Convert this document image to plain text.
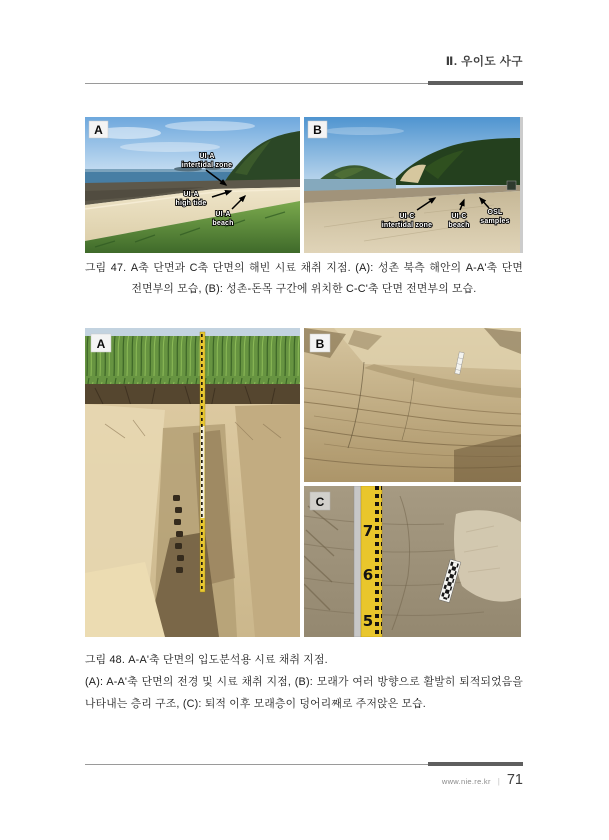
Ⅱ. 우이도 사구
UI-A
intertidal zone
UI-A
high tide
UI-A
beach
A
UI-C
intertidal zone
UI-C
beach
OSL
samples
B
그림 47. A축 단면과 C축 단면의 해빈 시료 채취 지점. (A): 성촌 북측 해안의 A-A'축 단면
전면부의 모습, (B): 성촌-돈목 구간에 위치한 C-C'축 단면 전면부의 모습.
A	B
7
6
5
C
그림 48. A-A'축 단면의 입도분석용 시료 채취 지점.
(A): A-A'축 단면의 전경 및 시료 채취 지점, (B): 모래가 여러 방향으로 활발히 퇴적되었음을
나타내는 층리 구조, (C): 퇴적 이후 모래층이 덩어리째로 주저앉은 모습.
www.nie.re.kr | 71
